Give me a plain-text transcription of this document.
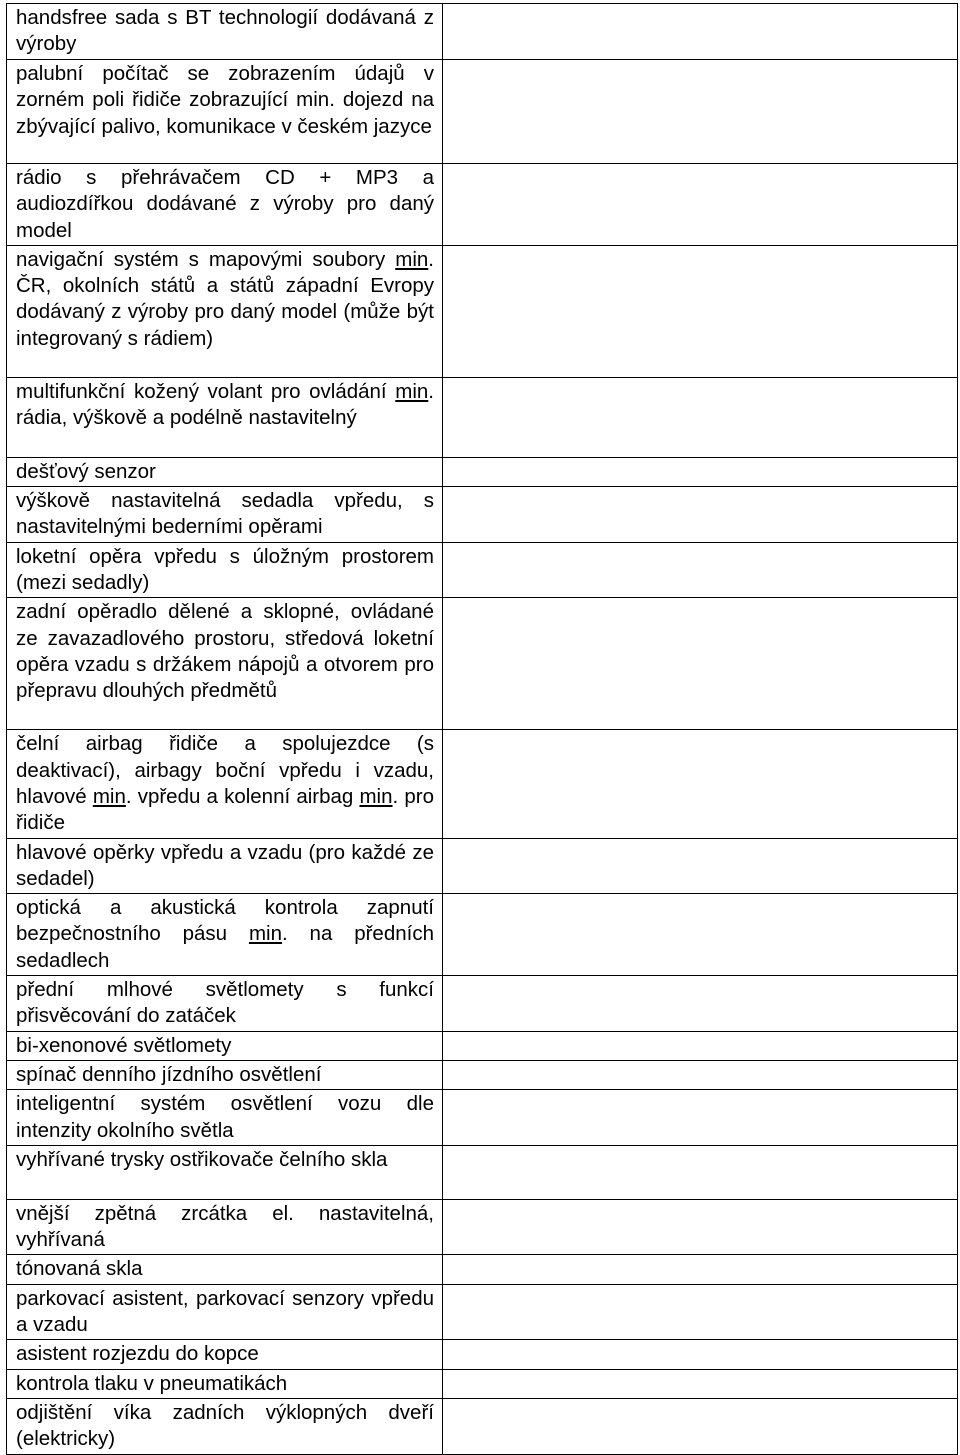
handsfree sada s BT technologií dodávaná z výroby	
palubní počítač se zobrazením údajů v zorném poli řidiče zobrazující min. dojezd na zbývající palivo, komunikace v českém jazyce	
rádio s přehrávačem CD + MP3 a audiozdířkou dodávané z výroby pro daný model	
navigační systém s mapovými soubory min. ČR, okolních států a států západní Evropy dodávaný z výroby pro daný model (může být integrovaný s rádiem)	
multifunkční kožený volant pro ovládání min. rádia, výškově a podélně nastavitelný	
dešťový senzor	
výškově nastavitelná sedadla vpředu, s nastavitelnými bederními opěrami	
loketní opěra vpředu s úložným prostorem (mezi sedadly)	
zadní opěradlo dělené a sklopné, ovládané ze zavazadlového prostoru, středová loketní opěra vzadu s držákem nápojů a otvorem pro přepravu dlouhých předmětů	
čelní airbag řidiče a spolujezdce (s deaktivací), airbagy boční vpředu i vzadu, hlavové min. vpředu a kolenní airbag min. pro řidiče	
hlavové opěrky vpředu a vzadu (pro každé ze sedadel)	
optická a akustická kontrola zapnutí bezpečnostního pásu min. na předních sedadlech	
přední mlhové světlomety s funkcí přisvěcování do zatáček	
bi-xenonové světlomety	
spínač denního jízdního osvětlení	
inteligentní systém osvětlení vozu dle intenzity okolního světla	
vyhřívané trysky ostřikovače čelního skla	
vnější zpětná zrcátka el. nastavitelná, vyhřívaná	
tónovaná skla	
parkovací asistent, parkovací senzory vpředu a vzadu	
asistent rozjezdu do kopce	
kontrola tlaku v pneumatikách	
odjištění víka zadních výklopných dveří (elektricky)	
